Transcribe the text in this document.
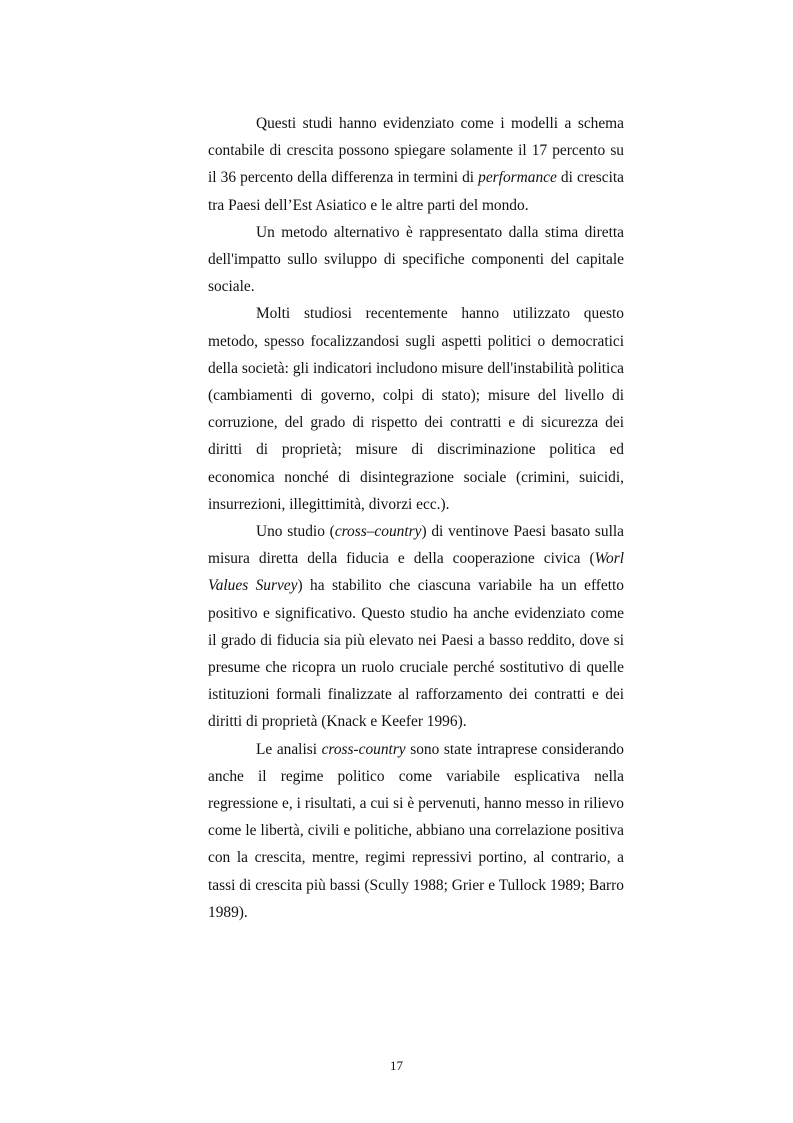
Questi studi hanno evidenziato come i modelli a schema contabile di crescita possono spiegare solamente il 17 percento su il 36 percento della differenza in termini di performance di crescita tra Paesi dell’Est Asiatico e le altre parti del mondo.

Un metodo alternativo è rappresentato dalla stima diretta dell'impatto sullo sviluppo di specifiche componenti del capitale sociale.

Molti studiosi recentemente hanno utilizzato questo metodo, spesso focalizzandosi sugli aspetti politici o democratici della società: gli indicatori includono misure dell'instabilità politica (cambiamenti di governo, colpi di stato); misure del livello di corruzione, del grado di rispetto dei contratti e di sicurezza dei diritti di proprietà; misure di discriminazione politica ed economica nonché di disintegrazione sociale (crimini, suicidi, insurrezioni, illegittimità, divorzi ecc.).

Uno studio (cross–country) di ventinove Paesi basato sulla misura diretta della fiducia e della cooperazione civica (Worl Values Survey) ha stabilito che ciascuna variabile ha un effetto positivo e significativo. Questo studio ha anche evidenziato come il grado di fiducia sia più elevato nei Paesi a basso reddito, dove si presume che ricopra un ruolo cruciale perché sostitutivo di quelle istituzioni formali finalizzate al rafforzamento dei contratti e dei diritti di proprietà (Knack e Keefer 1996).

Le analisi cross-country sono state intraprese considerando anche il regime politico come variabile esplicativa nella regressione e, i risultati, a cui si è pervenuti, hanno messo in rilievo come le libertà, civili e politiche, abbiano una correlazione positiva con la crescita, mentre, regimi repressivi portino, al contrario, a tassi di crescita più bassi (Scully 1988; Grier e Tullock 1989; Barro 1989).

17
